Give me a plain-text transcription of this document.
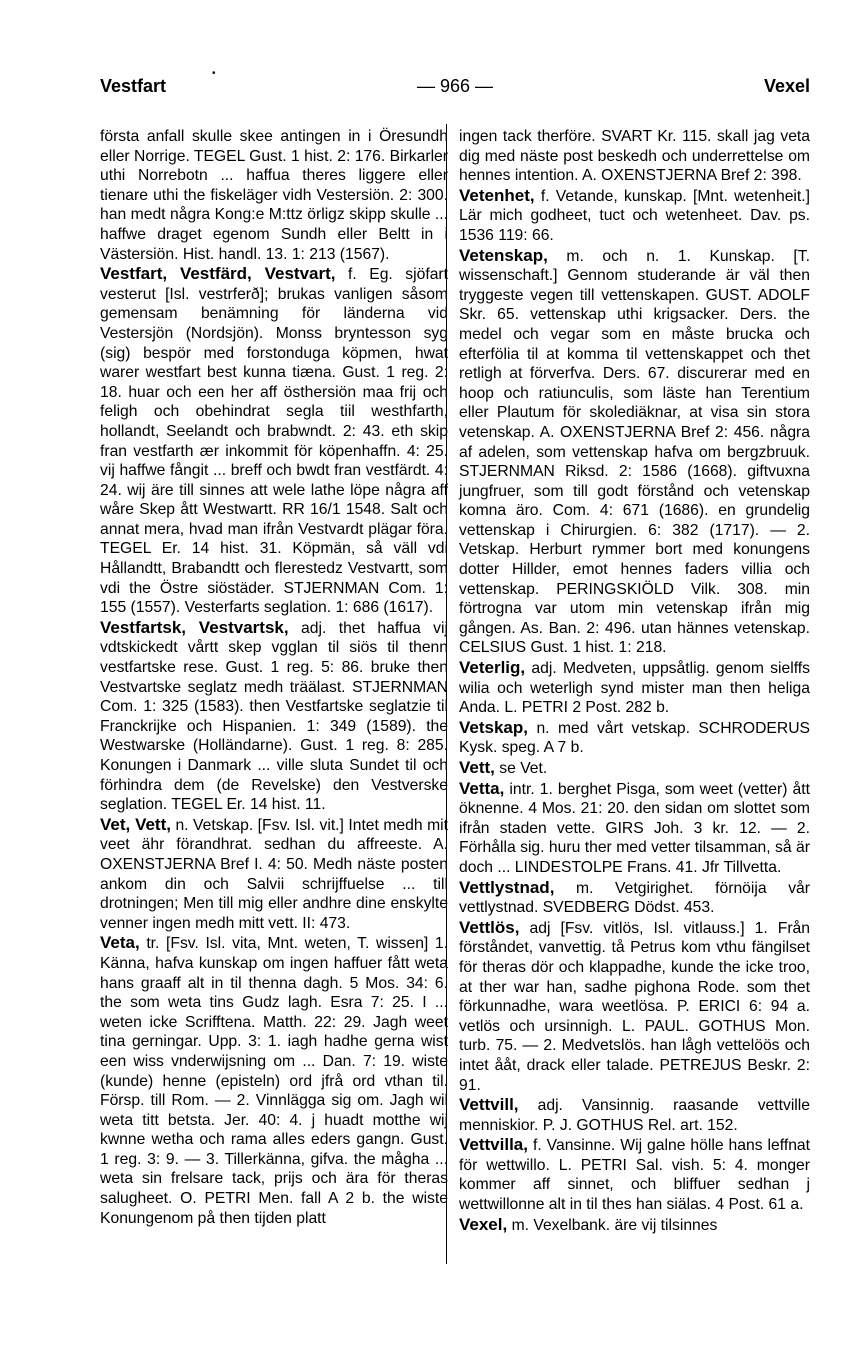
Vestfart
•
— 966 —	Vexel

första anfall skulle skee antingen in i Öresundh eller Norrige. TEGEL Gust. 1 hist. 2: 176. Birkarler uthi Norrebotn ... haffua theres liggere eller tienare uthi the fiskeläger vidh Vestersiön. 2: 300. han medt några Kong:e M:ttz örligz skipp skulle ... haffwe draget egenom Sundh eller Beltt in i Västersiön. Hist. handl. 13. 1: 213 (1567).

Vestfart, Vestfärd, Vestvart, f. Eg. sjöfart vesterut [Isl. vestrferð]; brukas vanligen såsom gemensam benämning för länderna vid Vestersjön (Nordsjön). Monss bryntesson syg (sig) bespör med forstonduga köpmen, hwat warer westfart best kunna tiæna. Gust. 1 reg. 2: 18. huar och een her aff östhersiön maa frij och feligh och obehindrat segla tiil westhfarth, hollandt, Seelandt och brabwndt. 2: 43. eth skip fran vestfarth ær inkommit för köpenhaffn. 4: 25. vij haffwe fångit ... breff och bwdt fran vestfärdt. 4: 24. wij äre till sinnes att wele lathe löpe några aff wåre Skep ått Westwartt. RR 16/1 1548. Salt och annat mera, hvad man ifrån Vestvardt plägar föra. TEGEL Er. 14 hist. 31. Köpmän, så väll vdi Hållandtt, Brabandtt och flerestedz Vestvartt, som vdi the Östre siöstäder. STJERNMAN Com. 1: 155 (1557). Vesterfarts seglation. 1: 686 (1617).

Vestfartsk, Vestvartsk, adj. thet haffua vij vdtskickedt vårtt skep vgglan til siös til thenn vestfartske rese. Gust. 1 reg. 5: 86. bruke then Vestvartske seglatz medh träälast. STJERNMAN Com. 1: 325 (1583). then Vestfartske seglatzie til Franckrijke och Hispanien. 1: 349 (1589). the Westwarske (Holländarne). Gust. 1 reg. 8: 285. Konungen i Danmark ... ville sluta Sundet til och förhindra dem (de Revelske) den Vestverske seglation. TEGEL Er. 14 hist. 11.

Vet, Vett, n. Vetskap. [Fsv. Isl. vit.] Intet medh mit veet ähr förandhrat. sedhan du affreeste. A. OXENSTJERNA Bref I. 4: 50. Medh näste posten ankom din och Salvii schrijffuelse ... till drotningen; Men till mig eller andhre dine enskylte venner ingen medh mitt vett. II: 473.

Veta, tr. [Fsv. Isl. vita, Mnt. weten, T. wissen] 1. Känna, hafva kunskap om ingen haffuer fått weta hans graaff alt in til thenna dagh. 5 Mos. 34: 6. the som weta tins Gudz lagh. Esra 7: 25. I ... weten icke Scrifftena. Matth. 22: 29. Jagh weet tina gerningar. Upp. 3: 1. iagh hadhe gerna wist een wiss vnderwijsning om ... Dan. 7: 19. wiste (kunde) henne (episteln) ord jfrå ord vthan til. Försp. till Rom. — 2. Vinnlägga sig om. Jagh wil weta titt betsta. Jer. 40: 4. j huadt motthe wij kwnne wetha och rama alles eders gangn. Gust. 1 reg. 3: 9. — 3. Tillerkänna, gifva. the mågha ... weta sin frelsare tack, prijs och ära för theras salugheet. O. PETRI Men. fall A 2 b. the wiste Konungenom på then tijden platt

ingen tack therföre. SVART Kr. 115. skall jag veta dig med näste post beskedh och underrettelse om hennes intention. A. OXENSTJERNA Bref 2: 398.

Vetenhet, f. Vetande, kunskap. [Mnt. wetenheit.] Lär mich godheet, tuct och wetenheet. Dav. ps. 1536 119: 66.

Vetenskap, m. och n. 1. Kunskap. [T. wissenschaft.] Gennom studerande är väl then tryggeste vegen till vettenskapen. GUST. ADOLF Skr. 65. vettenskap uthi krigsacker. Ders. the medel och vegar som en måste brucka och efterfölia til at komma til vettenskappet och thet retligh at förverfva. Ders. 67. discurerar med en hoop och ratiunculis, som läste han Terentium eller Plautum för skolediäknar, at visa sin stora vetenskap. A. OXENSTJERNA Bref 2: 456. några af adelen, som vettenskap hafva om bergzbruuk. STJERNMAN Riksd. 2: 1586 (1668). giftvuxna jungfruer, som till godt förstånd och vetenskap komna äro. Com. 4: 671 (1686). en grundelig vettenskap i Chirurgien. 6: 382 (1717). — 2. Vetskap. Herburt rymmer bort med konungens dotter Hillder, emot hennes faders villia och vettenskap. PERINGSKIÖLD Vilk. 308. min förtrogna var utom min vetenskap ifrån mig gången. As. Ban. 2: 496. utan hännes vetenskap. CELSIUS Gust. 1 hist. 1: 218.

Veterlig, adj. Medveten, uppsåtlig. genom sielffs wilia och weterligh synd mister man then heliga Anda. L. PETRI 2 Post. 282 b.

Vetskap, n. med vårt vetskap. SCHRODERUS Kysk. speg. A 7 b.

Vett, se Vet.

Vetta, intr. 1. berghet Pisga, som weet (vetter) ått öknenne. 4 Mos. 21: 20. den sidan om slottet som ifrån staden vette. GIRS Joh. 3 kr. 12. — 2. Förhålla sig. huru ther med vetter tilsamman, så är doch ... LINDESTOLPE Frans. 41. Jfr Tillvetta.

Vettlystnad, m. Vetgirighet. förnöija vår vettlystnad. SVEDBERG Dödst. 453.

Vettlös, adj [Fsv. vitlös, Isl. vitlauss.] 1. Från förståndet, vanvettig. tå Petrus kom vthu fängilset för theras dör och klappadhe, kunde the icke troo, at ther war han, sadhe pighona Rode. som thet förkunnadhe, wara weetlösa. P. ERICI 6: 94 a. vetlös och ursinnigh. L. PAUL. GOTHUS Mon. turb. 75. — 2. Medvetslös. han lågh vettelöös och intet ååt, drack eller talade. PETREJUS Beskr. 2: 91.

Vettvill, adj. Vansinnig. raasande vettville menniskior. P. J. GOTHUS Rel. art. 152.

Vettvilla, f. Vansinne. Wij galne hölle hans leffnat för wettwillo. L. PETRI Sal. vish. 5: 4. monger kommer aff sinnet, och bliffuer sedhan j wettwillonne alt in til thes han siälas. 4 Post. 61 a.

Vexel, m. Vexelbank. äre vij tilsinnes
